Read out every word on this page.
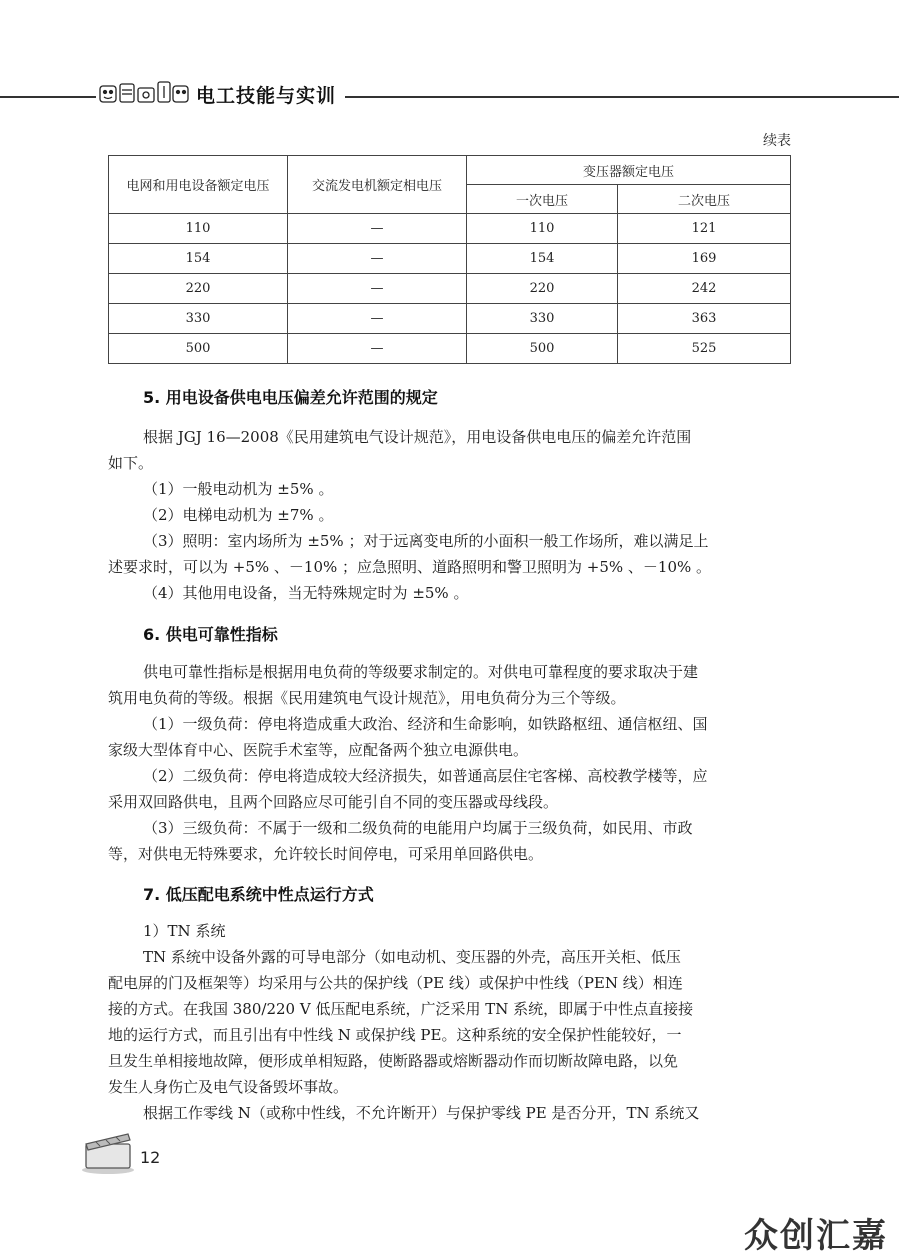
电工技能与实训
续表
电网和用电设备额定电压	交流发电机额定相电压	变压器额定电压	
		一次电压	二次电压
110	—	110	121
154	—	154	169
220	—	220	242
330	—	330	363
500	—	500	525
5. 用电设备供电电压偏差允许范围的规定
根据 JGJ 16—2008《民用建筑电气设计规范》，用电设备供电电压的偏差允许范围
如下。
（1）一般电动机为 ±5% 。
（2）电梯电动机为 ±7% 。
（3）照明：室内场所为 ±5% ；对于远离变电所的小面积一般工作场所，难以满足上
述要求时，可以为 +5% 、－10% ；应急照明、道路照明和警卫照明为 +5% 、－10% 。
（4）其他用电设备，当无特殊规定时为 ±5% 。
6. 供电可靠性指标
供电可靠性指标是根据用电负荷的等级要求制定的。对供电可靠程度的要求取决于建
筑用电负荷的等级。根据《民用建筑电气设计规范》，用电负荷分为三个等级。
（1）一级负荷：停电将造成重大政治、经济和生命影响，如铁路枢纽、通信枢纽、国
家级大型体育中心、医院手术室等，应配备两个独立电源供电。
（2）二级负荷：停电将造成较大经济损失，如普通高层住宅客梯、高校教学楼等，应
采用双回路供电，且两个回路应尽可能引自不同的变压器或母线段。
（3）三级负荷：不属于一级和二级负荷的电能用户均属于三级负荷，如民用、市政
等，对供电无特殊要求，允许较长时间停电，可采用单回路供电。
7. 低压配电系统中性点运行方式
1）TN 系统
TN 系统中设备外露的可导电部分（如电动机、变压器的外壳，高压开关柜、低压
配电屏的门及框架等）均采用与公共的保护线（PE 线）或保护中性线（PEN 线）相连
接的方式。在我国 380/220 V 低压配电系统，广泛采用 TN 系统，即属于中性点直接接
地的运行方式，而且引出有中性线 N 或保护线 PE。这种系统的安全保护性能较好，一
旦发生单相接地故障，便形成单相短路，使断路器或熔断器动作而切断故障电路，以免
发生人身伤亡及电气设备毁坏事故。
根据工作零线 N（或称中性线，不允许断开）与保护零线 PE 是否分开，TN 系统又
12
众创汇嘉
